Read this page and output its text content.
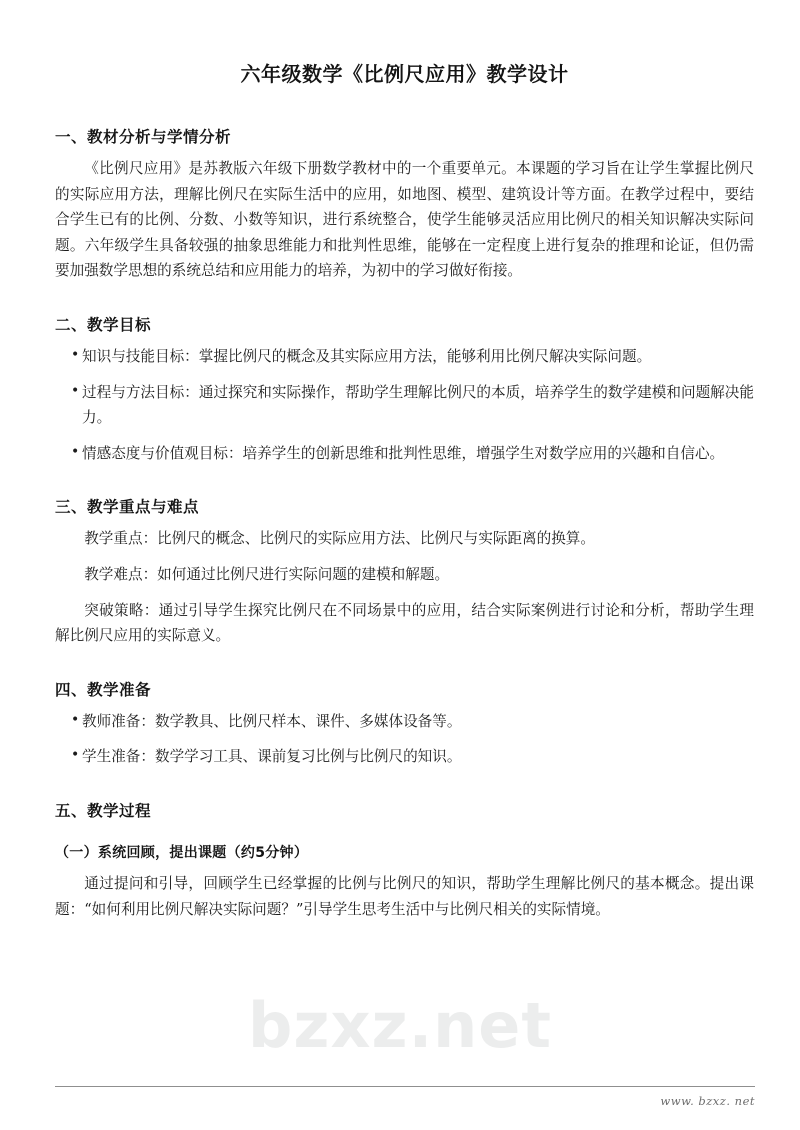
bzxz.net
六年级数学《比例尺应用》教学设计
一、教材分析与学情分析

《比例尺应用》是苏教版六年级下册数学教材中的一个重要单元。本课题的学习旨在让学生掌握比例尺的实际应用方法，理解比例尺在实际生活中的应用，如地图、模型、建筑设计等方面。在教学过程中，要结合学生已有的比例、分数、小数等知识，进行系统整合，使学生能够灵活应用比例尺的相关知识解决实际问题。六年级学生具备较强的抽象思维能力和批判性思维，能够在一定程度上进行复杂的推理和论证，但仍需要加强数学思想的系统总结和应用能力的培养，为初中的学习做好衔接。

二、教学目标
• 知识与技能目标：掌握比例尺的概念及其实际应用方法，能够利用比例尺解决实际问题。
• 过程与方法目标：通过探究和实际操作，帮助学生理解比例尺的本质，培养学生的数学建模和问题解决能力。
• 情感态度与价值观目标：培养学生的创新思维和批判性思维，增强学生对数学应用的兴趣和自信心。
三、教学重点与难点

教学重点：比例尺的概念、比例尺的实际应用方法、比例尺与实际距离的换算。

教学难点：如何通过比例尺进行实际问题的建模和解题。

突破策略：通过引导学生探究比例尺在不同场景中的应用，结合实际案例进行讨论和分析，帮助学生理解比例尺应用的实际意义。

四、教学准备
• 教师准备：数学教具、比例尺样本、课件、多媒体设备等。
• 学生准备：数学学习工具、课前复习比例与比例尺的知识。
五、教学过程
（一）系统回顾，提出课题（约5分钟）

通过提问和引导，回顾学生已经掌握的比例与比例尺的知识，帮助学生理解比例尺的基本概念。提出课题：“如何利用比例尺解决实际问题？”引导学生思考生活中与比例尺相关的实际情境。

www. bzxz. net
